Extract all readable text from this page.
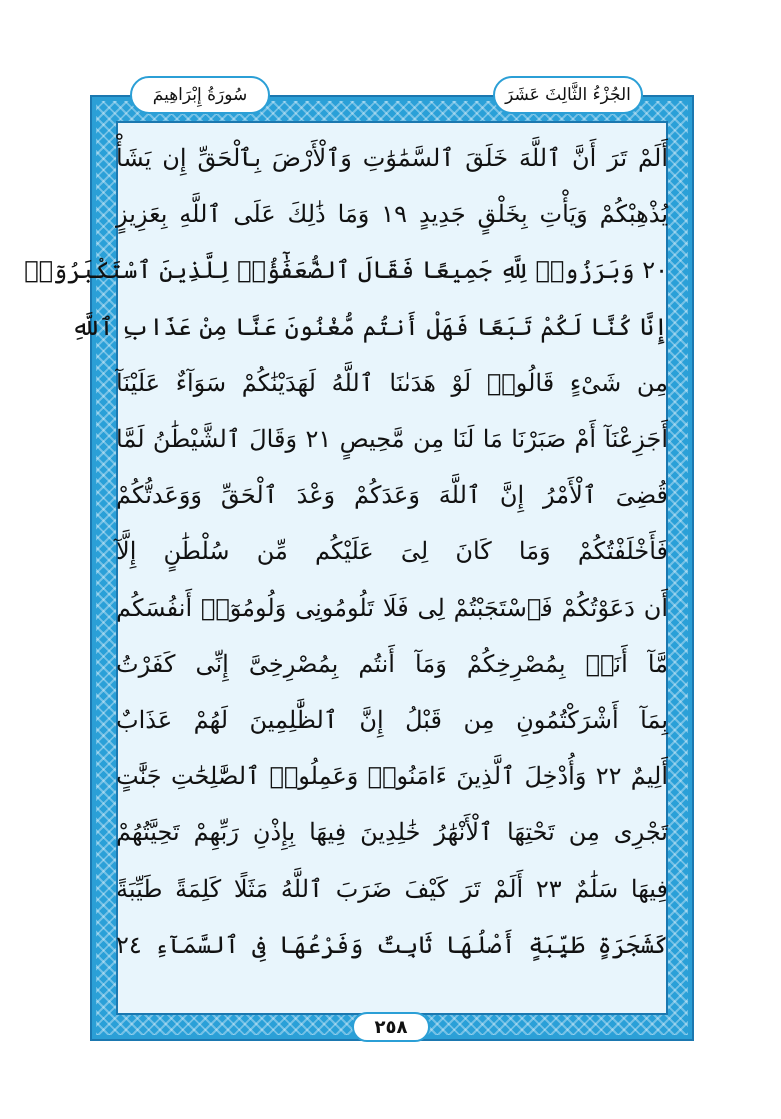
الجُزْءُ الثَّالِثَ عَشَرَ
سُورَةُ إِبْرَاهِيمَ
أَلَمْ تَرَ أَنَّ ٱللَّهَ خَلَقَ ٱلسَّمَٰوَٰتِ وَٱلْأَرْضَ بِٱلْحَقِّ إِن يَشَأْ
يُذْهِبْكُمْ وَيَأْتِ بِخَلْقٍ جَدِيدٍ ١٩ وَمَا ذَٰلِكَ عَلَى ٱللَّهِ بِعَزِيزٍ
٢٠ وَبَرَزُوا۟ لِلَّهِ جَمِيعًا فَقَالَ ٱلضُّعَفَٰٓؤُا۟ لِلَّذِينَ ٱسْتَكْبَرُوٓا۟
إِنَّا كُنَّا لَكُمْ تَبَعًا فَهَلْ أَنتُم مُّغْنُونَ عَنَّا مِنْ عَذَابِ ٱللَّهِ
مِن شَىْءٍ قَالُوا۟ لَوْ هَدَىٰنَا ٱللَّهُ لَهَدَيْنَٰكُمْ سَوَآءٌ عَلَيْنَآ
أَجَزِعْنَآ أَمْ صَبَرْنَا مَا لَنَا مِن مَّحِيصٍ ٢١ وَقَالَ ٱلشَّيْطَٰنُ لَمَّا
قُضِىَ ٱلْأَمْرُ إِنَّ ٱللَّهَ وَعَدَكُمْ وَعْدَ ٱلْحَقِّ وَوَعَدتُّكُمْ
فَأَخْلَفْتُكُمْ وَمَا كَانَ لِىَ عَلَيْكُم مِّن سُلْطَٰنٍ إِلَّآ
أَن دَعَوْتُكُمْ فَٱسْتَجَبْتُمْ لِى فَلَا تَلُومُونِى وَلُومُوٓا۟ أَنفُسَكُم
مَّآ أَنَا۠ بِمُصْرِخِكُمْ وَمَآ أَنتُم بِمُصْرِخِىَّ إِنِّى كَفَرْتُ
بِمَآ أَشْرَكْتُمُونِ مِن قَبْلُ إِنَّ ٱلظَّٰلِمِينَ لَهُمْ عَذَابٌ
أَلِيمٌ ٢٢ وَأُدْخِلَ ٱلَّذِينَ ءَامَنُوا۟ وَعَمِلُوا۟ ٱلصَّٰلِحَٰتِ جَنَّٰتٍ
تَجْرِى مِن تَحْتِهَا ٱلْأَنْهَٰرُ خَٰلِدِينَ فِيهَا بِإِذْنِ رَبِّهِمْ تَحِيَّتُهُمْ
فِيهَا سَلَٰمٌ ٢٣ أَلَمْ تَرَ كَيْفَ ضَرَبَ ٱللَّهُ مَثَلًا كَلِمَةً طَيِّبَةً
كَشَجَرَةٍ طَيِّبَةٍ أَصْلُهَا ثَابِتٌ وَفَرْعُهَا فِى ٱلسَّمَآءِ ٢٤
٢٥٨
